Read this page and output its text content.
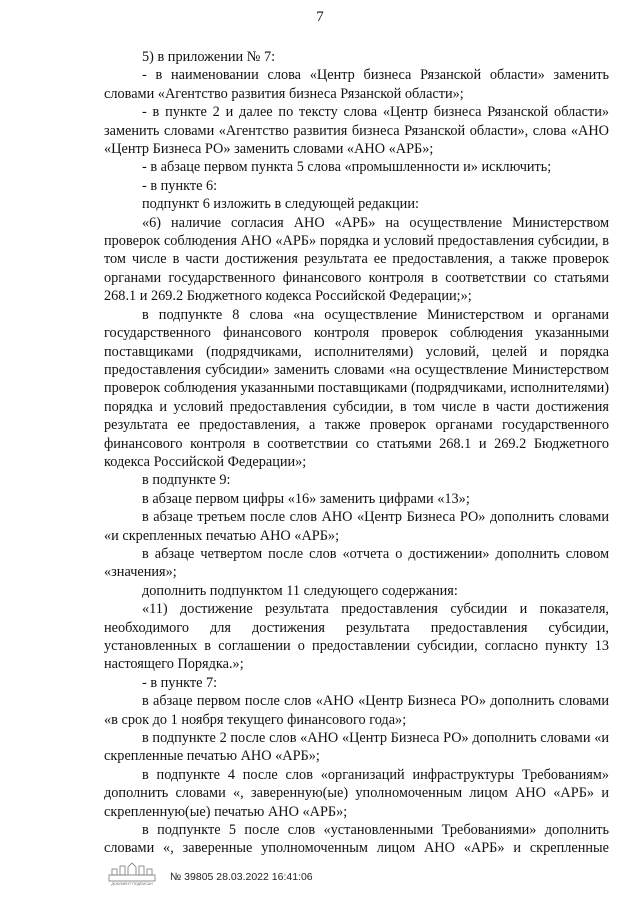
7

5) в приложении № 7:

- в наименовании слова «Центр бизнеса Рязанской области» заменить словами «Агентство развития бизнеса Рязанской области»;

- в пункте 2 и далее по тексту слова «Центр бизнеса Рязанской области» заменить словами «Агентство развития бизнеса Рязанской области», слова «АНО «Центр Бизнеса РО» заменить словами «АНО «АРБ»;

- в абзаце первом пункта 5 слова «промышленности и» исключить;

- в пункте 6:

подпункт 6 изложить в следующей редакции:

«6) наличие согласия АНО «АРБ» на осуществление Министерством проверок соблюдения АНО «АРБ» порядка и условий предоставления субсидии, в том числе в части достижения результата ее предоставления, а также проверок органами государственного финансового контроля в соответствии со статьями 268.1 и 269.2 Бюджетного кодекса Российской Федерации;»;

в подпункте 8 слова «на осуществление Министерством и органами государственного финансового контроля проверок соблюдения указанными поставщиками (подрядчиками, исполнителями) условий, целей и порядка предоставления субсидии» заменить словами «на осуществление Министерством проверок соблюдения указанными поставщиками (подрядчиками, исполнителями) порядка и условий предоставления субсидии, в том числе в части достижения результата ее предоставления, а также проверок органами государственного финансового контроля в соответствии со статьями 268.1 и 269.2 Бюджетного кодекса Российской Федерации»;

в подпункте 9:

в абзаце первом цифры «16» заменить цифрами «13»;

в абзаце третьем после слов АНО «Центр Бизнеса РО» дополнить словами «и скрепленных печатью АНО «АРБ»;

в абзаце четвертом после слов «отчета о достижении» дополнить словом «значения»;

дополнить подпунктом 11 следующего содержания:

«11) достижение результата предоставления субсидии и показателя, необходимого для достижения результата предоставления субсидии, установленных в соглашении о предоставлении субсидии, согласно пункту 13 настоящего Порядка.»;

- в пункте 7:

в абзаце первом после слов «АНО «Центр Бизнеса РО» дополнить словами «в срок до 1 ноября текущего финансового года»;

в подпункте 2 после слов «АНО «Центр Бизнеса РО» дополнить словами «и скрепленные печатью АНО «АРБ»;

в подпункте 4 после слов «организаций инфраструктуры Требованиям» дополнить словами «, заверенную(ые) уполномоченным лицом АНО «АРБ» и скрепленную(ые) печатью АНО «АРБ»;

в подпункте 5 после слов «установленными Требованиями» дополнить словами «, заверенные уполномоченным лицом АНО «АРБ» и скрепленные

ДОКУМЕНТ ПОДПИСАН
№ 39805 28.03.2022 16:41:06
